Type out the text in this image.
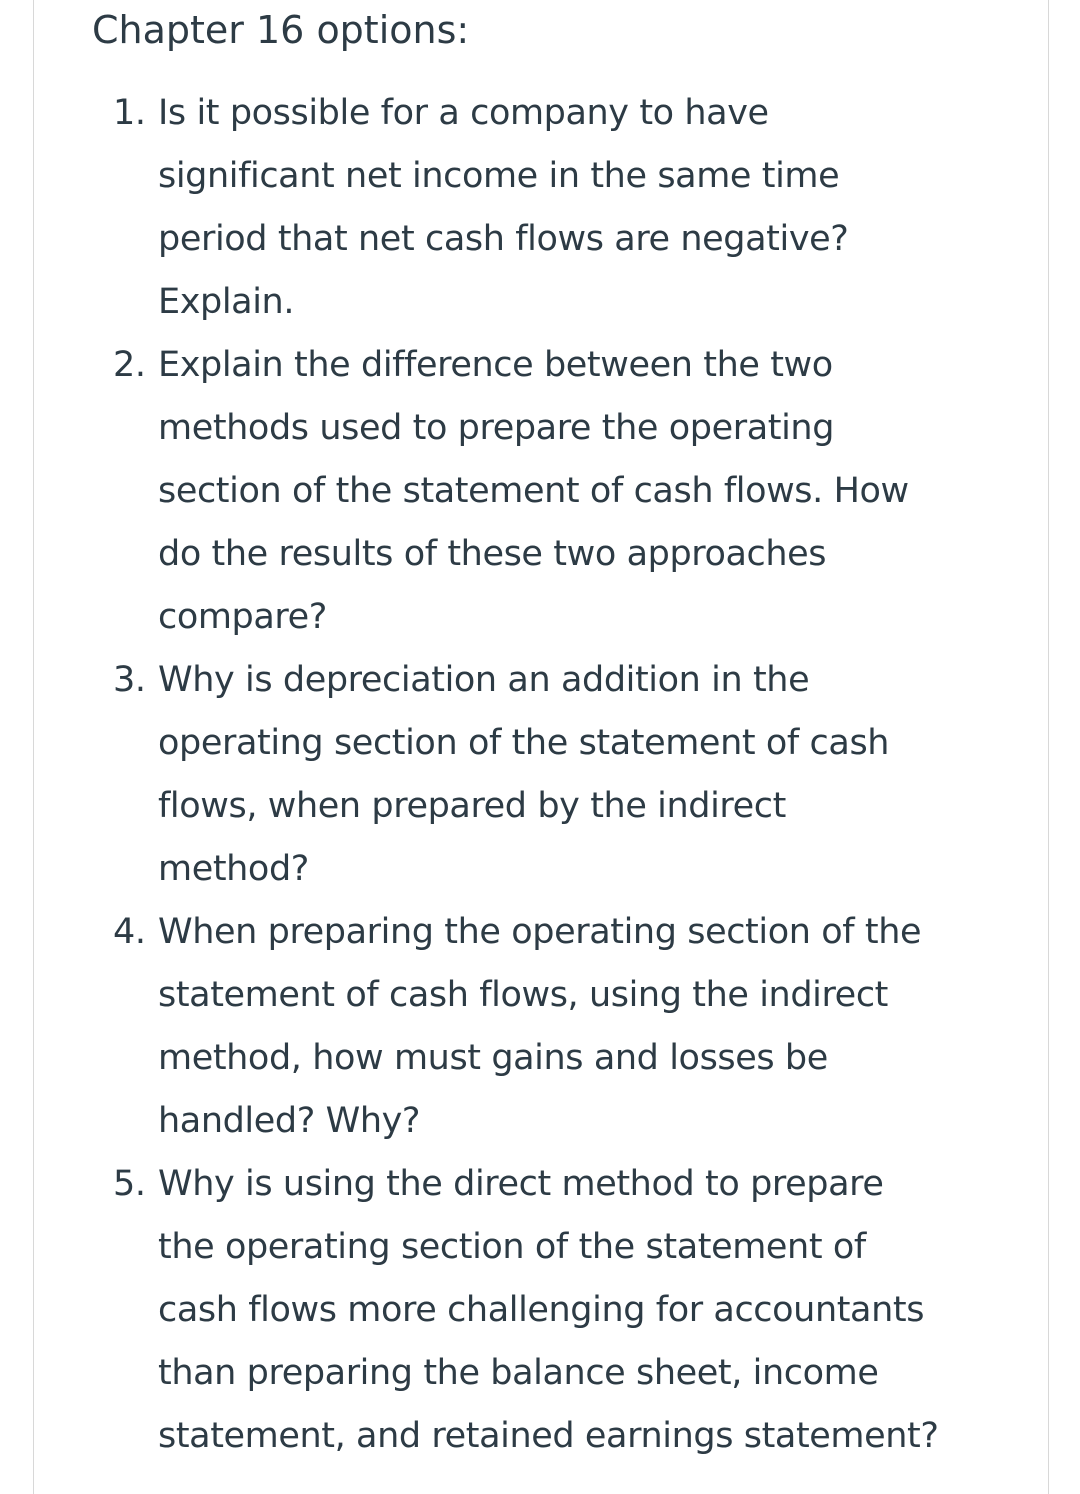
Chapter 16 options:
1. Is it possible for a company to have
significant net income in the same time
period that net cash flows are negative?
Explain.
2. Explain the difference between the two
methods used to prepare the operating
section of the statement of cash flows. How
do the results of these two approaches
compare?
3. Why is depreciation an addition in the
operating section of the statement of cash
flows, when prepared by the indirect
method?
4. When preparing the operating section of the
statement of cash flows, using the indirect
method, how must gains and losses be
handled? Why?
5. Why is using the direct method to prepare
the operating section of the statement of
cash flows more challenging for accountants
than preparing the balance sheet, income
statement, and retained earnings statement?
